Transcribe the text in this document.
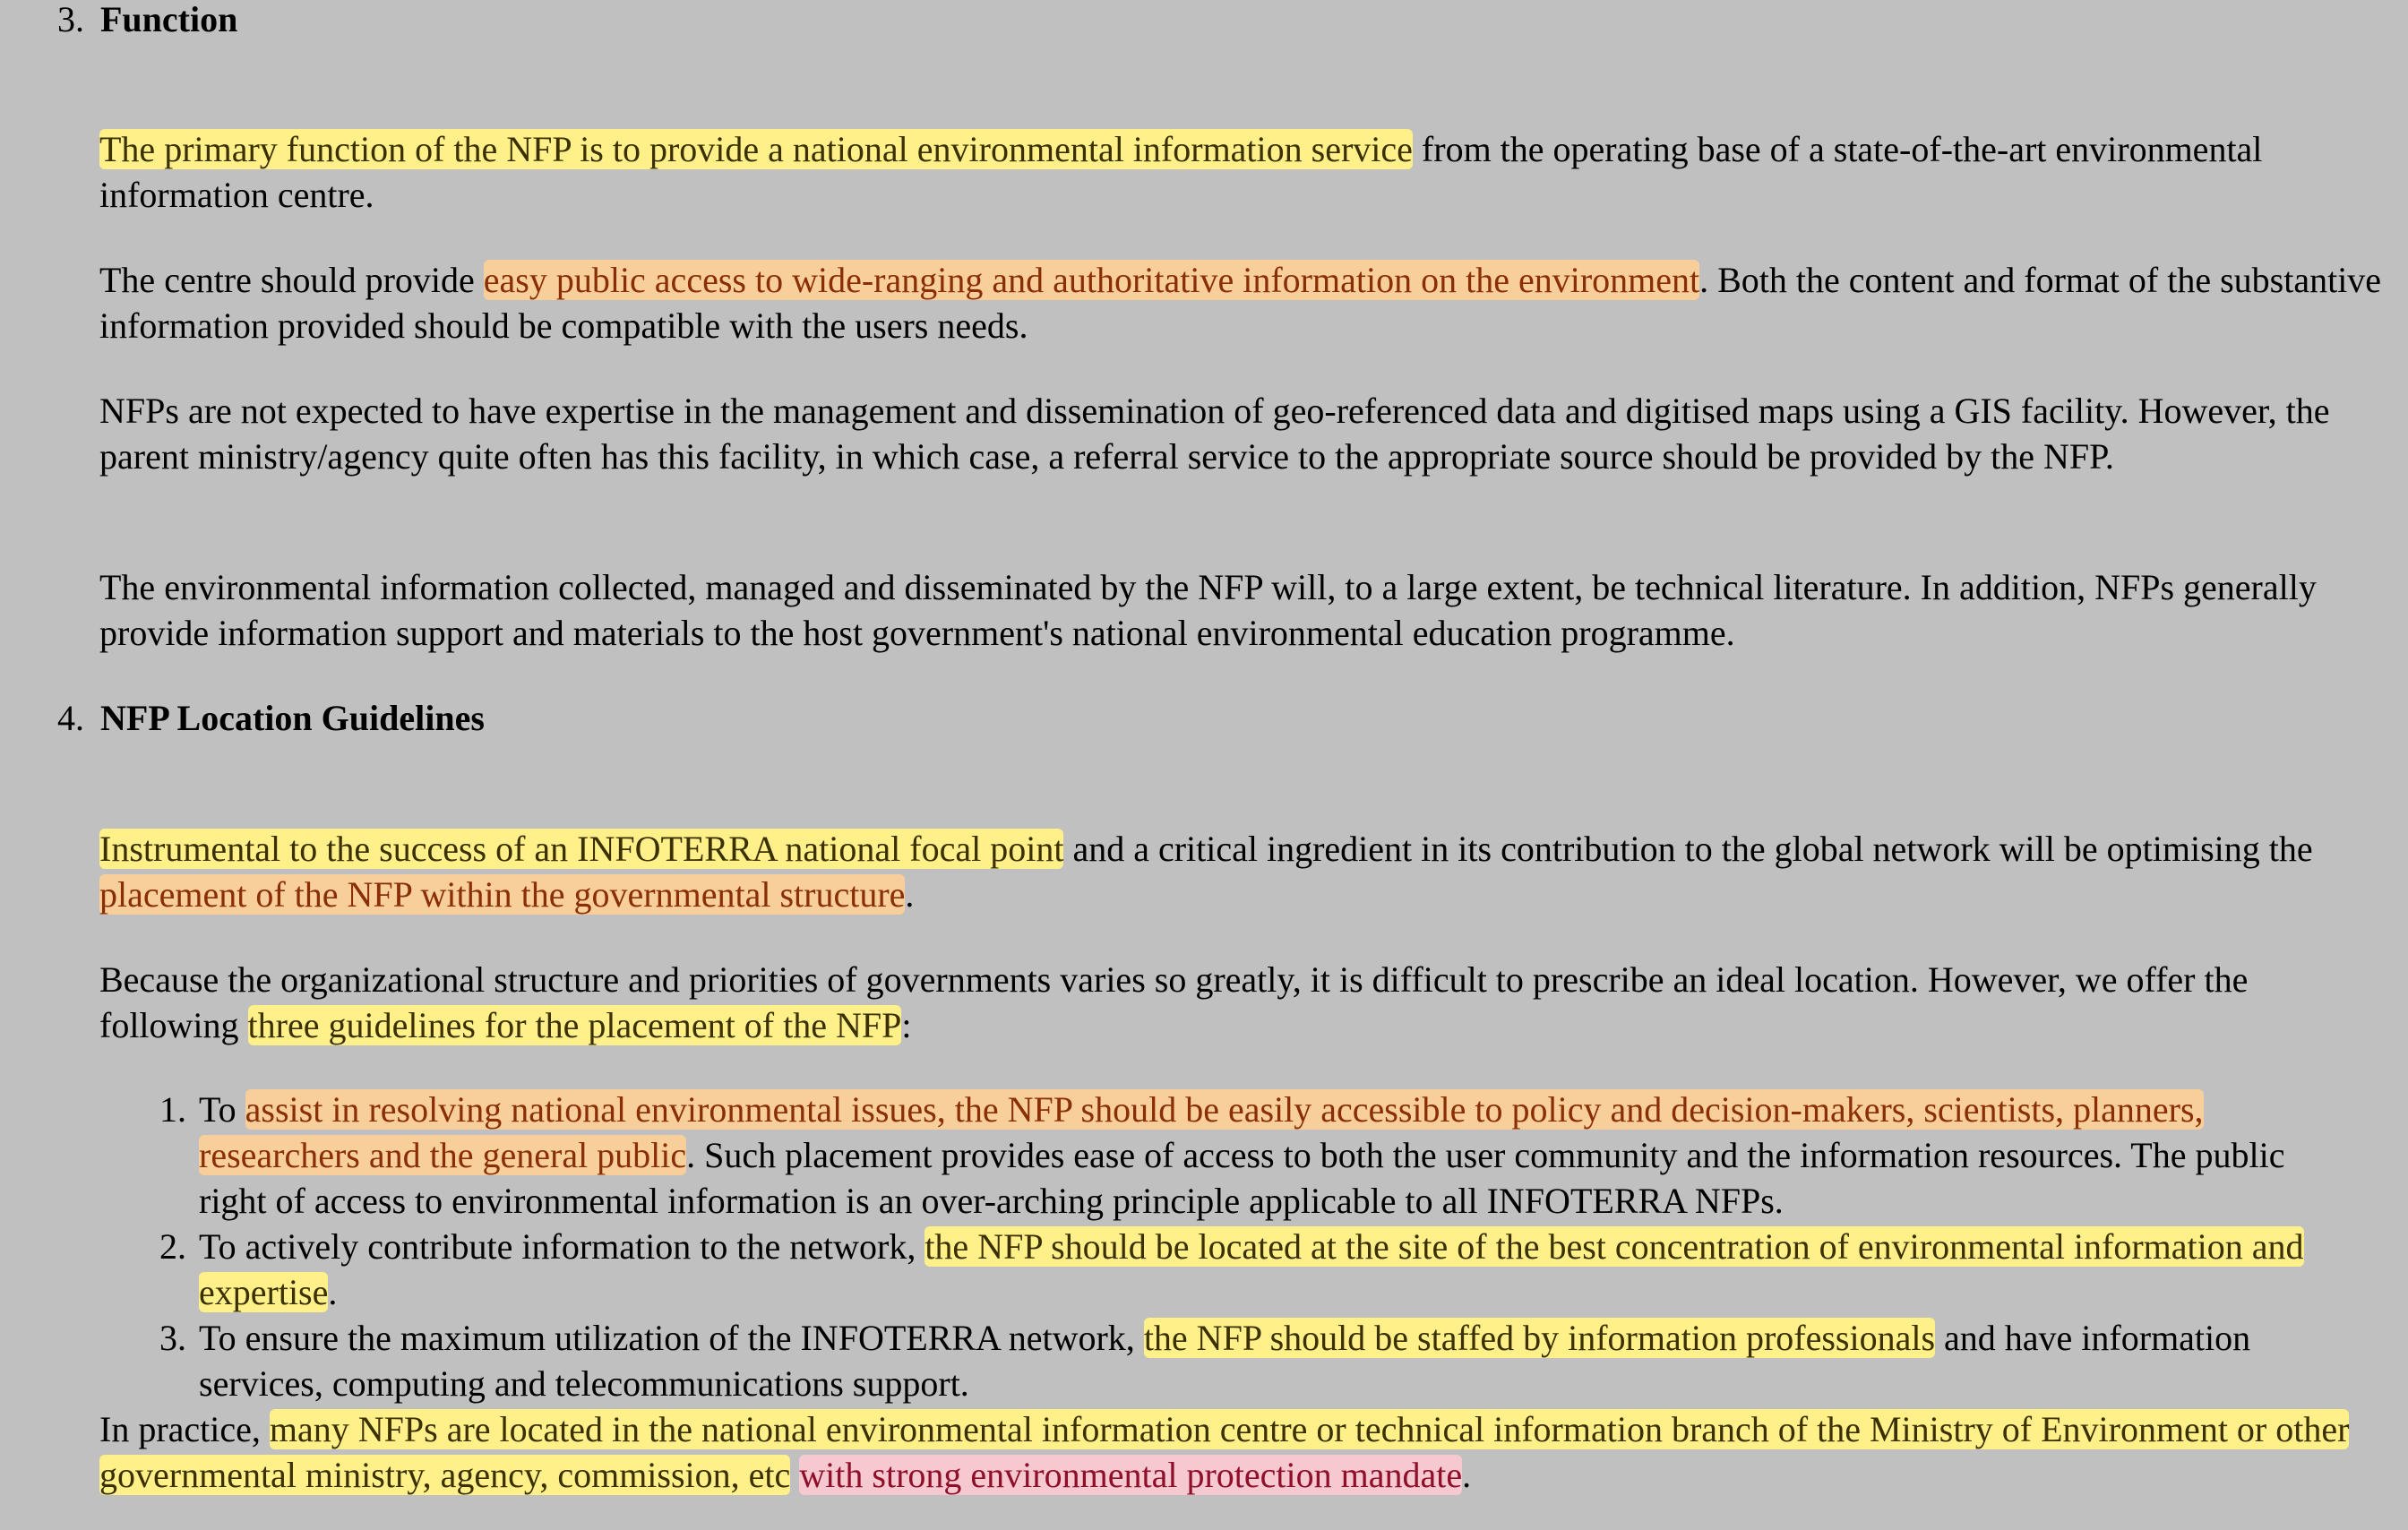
3. Function

The primary function of the NFP is to provide a national environmental information service from the operating base of a state-of-the-art environmental information centre.

The centre should provide easy public access to wide-ranging and authoritative information on the environment. Both the content and format of the substantive information provided should be compatible with the users needs.

NFPs are not expected to have expertise in the management and dissemination of geo-referenced data and digitised maps using a GIS facility. However, the parent ministry/agency quite often has this facility, in which case, a referral service to the appropriate source should be provided by the NFP.

The environmental information collected, managed and disseminated by the NFP will, to a large extent, be technical literature. In addition, NFPs generally provide information support and materials to the host government's national environmental education programme.

4. NFP Location Guidelines

Instrumental to the success of an INFOTERRA national focal point and a critical ingredient in its contribution to the global network will be optimising the placement of the NFP within the governmental structure.

Because the organizational structure and priorities of governments varies so greatly, it is difficult to prescribe an ideal location. However, we offer the following three guidelines for the placement of the NFP:

1. To assist in resolving national environmental issues, the NFP should be easily accessible to policy and decision-makers, scientists, planners, researchers and the general public. Such placement provides ease of access to both the user community and the information resources. The public right of access to environmental information is an over-arching principle applicable to all INFOTERRA NFPs.
2. To actively contribute information to the network, the NFP should be located at the site of the best concentration of environmental information and expertise.
3. To ensure the maximum utilization of the INFOTERRA network, the NFP should be staffed by information professionals and have information services, computing and telecommunications support.

In practice, many NFPs are located in the national environmental information centre or technical information branch of the Ministry of Environment or other governmental ministry, agency, commission, etc with strong environmental protection mandate.
